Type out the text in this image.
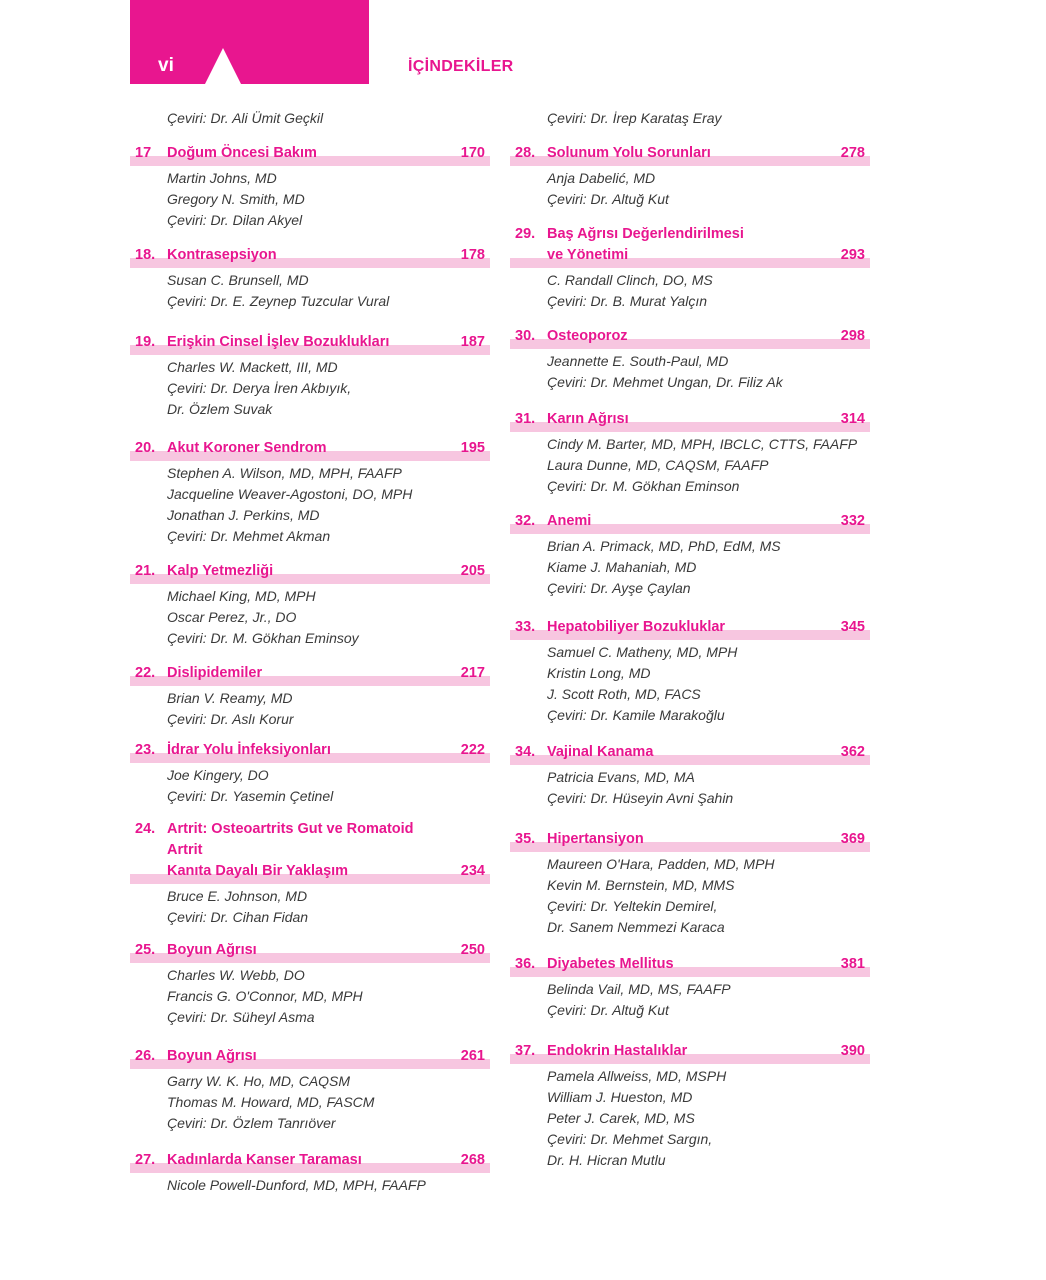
vi	İÇİNDEKİLER
Çeviri: Dr. Ali Ümit Geçkil
17 Doğum Öncesi Bakım	170
Martin Johns, MD
Gregory N. Smith, MD
Çeviri: Dr. Dilan Akyel
18. Kontrasepsiyon	178
Susan C. Brunsell, MD
Çeviri: Dr. E. Zeynep Tuzcular Vural
19. Erişkin Cinsel İşlev Bozuklukları	187
Charles W. Mackett, III, MD
Çeviri: Dr. Derya İren Akbıyık,
Dr. Özlem Suvak
20. Akut Koroner Sendrom	195
Stephen A. Wilson, MD, MPH, FAAFP
Jacqueline Weaver-Agostoni, DO, MPH
Jonathan J. Perkins, MD
Çeviri: Dr. Mehmet Akman
21. Kalp Yetmezliği	205
Michael King, MD, MPH
Oscar Perez, Jr., DO
Çeviri: Dr. M. Gökhan Eminsoy
22. Dislipidemiler	217
Brian V. Reamy, MD
Çeviri: Dr. Aslı Korur
23. İdrar Yolu İnfeksiyonları	222
Joe Kingery, DO
Çeviri: Dr. Yasemin Çetinel
24. Artrit: Osteoartrits Gut ve Romatoid
Artrit
Kanıta Dayalı Bir Yaklaşım	234
Bruce E. Johnson, MD
Çeviri: Dr. Cihan Fidan
25. Boyun Ağrısı	250
Charles W. Webb, DO
Francis G. O'Connor, MD, MPH
Çeviri: Dr. Süheyl Asma
26. Boyun Ağrısı	261
Garry W. K. Ho, MD, CAQSM
Thomas M. Howard, MD, FASCM
Çeviri: Dr. Özlem Tanrıöver
27. Kadınlarda Kanser Taraması	268
Nicole Powell-Dunford, MD, MPH, FAAFP
Çeviri: Dr. İrep Karataş Eray
28. Solunum Yolu Sorunları	278
Anja Dabelić, MD
Çeviri: Dr. Altuğ Kut
29. Baş Ağrısı Değerlendirilmesi
ve Yönetimi	293
C. Randall Clinch, DO, MS
Çeviri: Dr. B. Murat Yalçın
30. Osteoporoz	298
Jeannette E. South-Paul, MD
Çeviri: Dr. Mehmet Ungan, Dr. Filiz Ak
31. Karın Ağrısı	314
Cindy M. Barter, MD, MPH, IBCLC, CTTS, FAAFP
Laura Dunne, MD, CAQSM, FAAFP
Çeviri: Dr. M. Gökhan Eminson
32. Anemi	332
Brian A. Primack, MD, PhD, EdM, MS
Kiame J. Mahaniah, MD
Çeviri: Dr. Ayşe Çaylan
33. Hepatobiliyer Bozukluklar	345
Samuel C. Matheny, MD, MPH
Kristin Long, MD
J. Scott Roth, MD, FACS
Çeviri: Dr. Kamile Marakoğlu
34. Vajinal Kanama	362
Patricia Evans, MD, MA
Çeviri: Dr. Hüseyin Avni Şahin
35. Hipertansiyon	369
Maureen O'Hara, Padden, MD, MPH
Kevin M. Bernstein, MD, MMS
Çeviri: Dr. Yeltekin Demirel,
Dr. Sanem Nemmezi Karaca
36. Diyabetes Mellitus	381
Belinda Vail, MD, MS, FAAFP
Çeviri: Dr. Altuğ Kut
37. Endokrin Hastalıklar	390
Pamela Allweiss, MD, MSPH
William J. Hueston, MD
Peter J. Carek, MD, MS
Çeviri: Dr. Mehmet Sargın,
Dr. H. Hicran Mutlu
